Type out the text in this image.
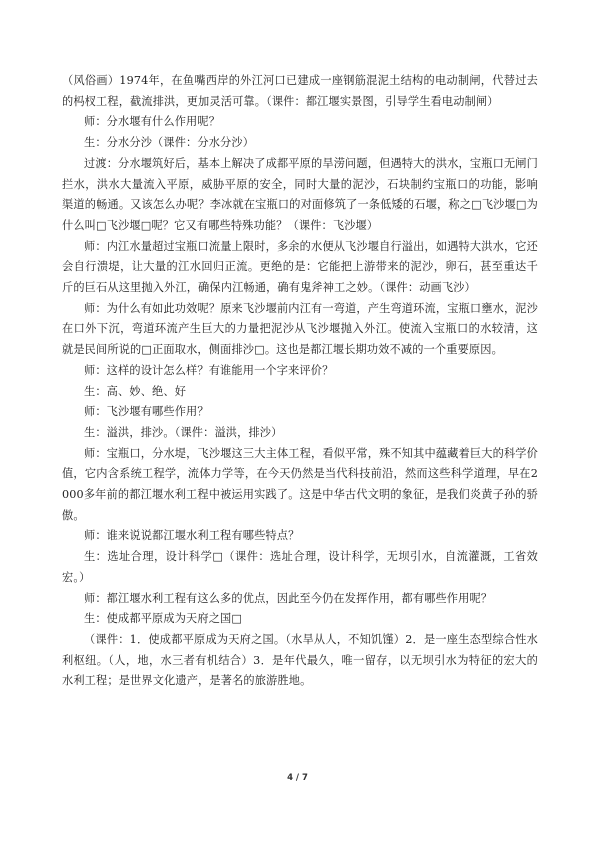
（风俗画）1974年，在鱼嘴西岸的外江河口已建成一座钢筋混泥土结构的电动制闸，代替过去的杩杈工程，截流排洪，更加灵活可靠。（课件：都江堰实景图，引导学生看电动制闸）

师：分水堰有什么作用呢？

生：分水分沙（课件：分水分沙）

过渡：分水堰筑好后，基本上解决了成都平原的旱涝问题，但遇特大的洪水，宝瓶口无闸门拦水，洪水大量流入平原，威胁平原的安全，同时大量的泥沙，石块制约宝瓶口的功能，影响渠道的畅通。又该怎么办呢？李冰就在宝瓶口的对面修筑了一条低矮的石堰，称之□飞沙堰□为什么叫□飞沙堰□呢？它又有哪些特殊功能？（课件：飞沙堰）

师：内江水量超过宝瓶口流量上限时，多余的水便从飞沙堰自行溢出，如遇特大洪水，它还会自行溃堤，让大量的江水回归正流。更绝的是：它能把上游带来的泥沙，卵石，甚至重达千斤的巨石从这里抛入外江，确保内江畅通，确有鬼斧神工之妙。（课件：动画飞沙）

师：为什么有如此功效呢？原来飞沙堰前内江有一弯道，产生弯道环流，宝瓶口壅水，泥沙在口外下沉，弯道环流产生巨大的力量把泥沙从飞沙堰抛入外江。使流入宝瓶口的水较清，这就是民间所说的□正面取水，侧面排沙□。这也是都江堰长期功效不减的一个重要原因。

师：这样的设计怎么样？有谁能用一个字来评价？

生：高、妙、绝、好

师：飞沙堰有哪些作用？

生：溢洪，排沙。（课件：溢洪，排沙）

师：宝瓶口，分水堤，飞沙堰这三大主体工程，看似平常，殊不知其中蕴藏着巨大的科学价值，它内含系统工程学，流体力学等，在今天仍然是当代科技前沿，然而这些科学道理，早在2000多年前的都江堰水利工程中被运用实践了。这是中华古代文明的象征，是我们炎黄子孙的骄傲。

师：谁来说说都江堰水利工程有哪些特点？

生：选址合理，设计科学□（课件：选址合理，设计科学，无坝引水，自流灌溉，工省效宏。）

师：都江堰水利工程有这么多的优点，因此至今仍在发挥作用，都有哪些作用呢？

生：使成都平原成为天府之国□

（课件：1．使成都平原成为天府之国。（水旱从人，不知饥馑）2．是一座生态型综合性水利枢纽。（人，地，水三者有机结合）3．是年代最久，唯一留存，以无坝引水为特征的宏大的水利工程；是世界文化遗产，是著名的旅游胜地。

4 / 7
